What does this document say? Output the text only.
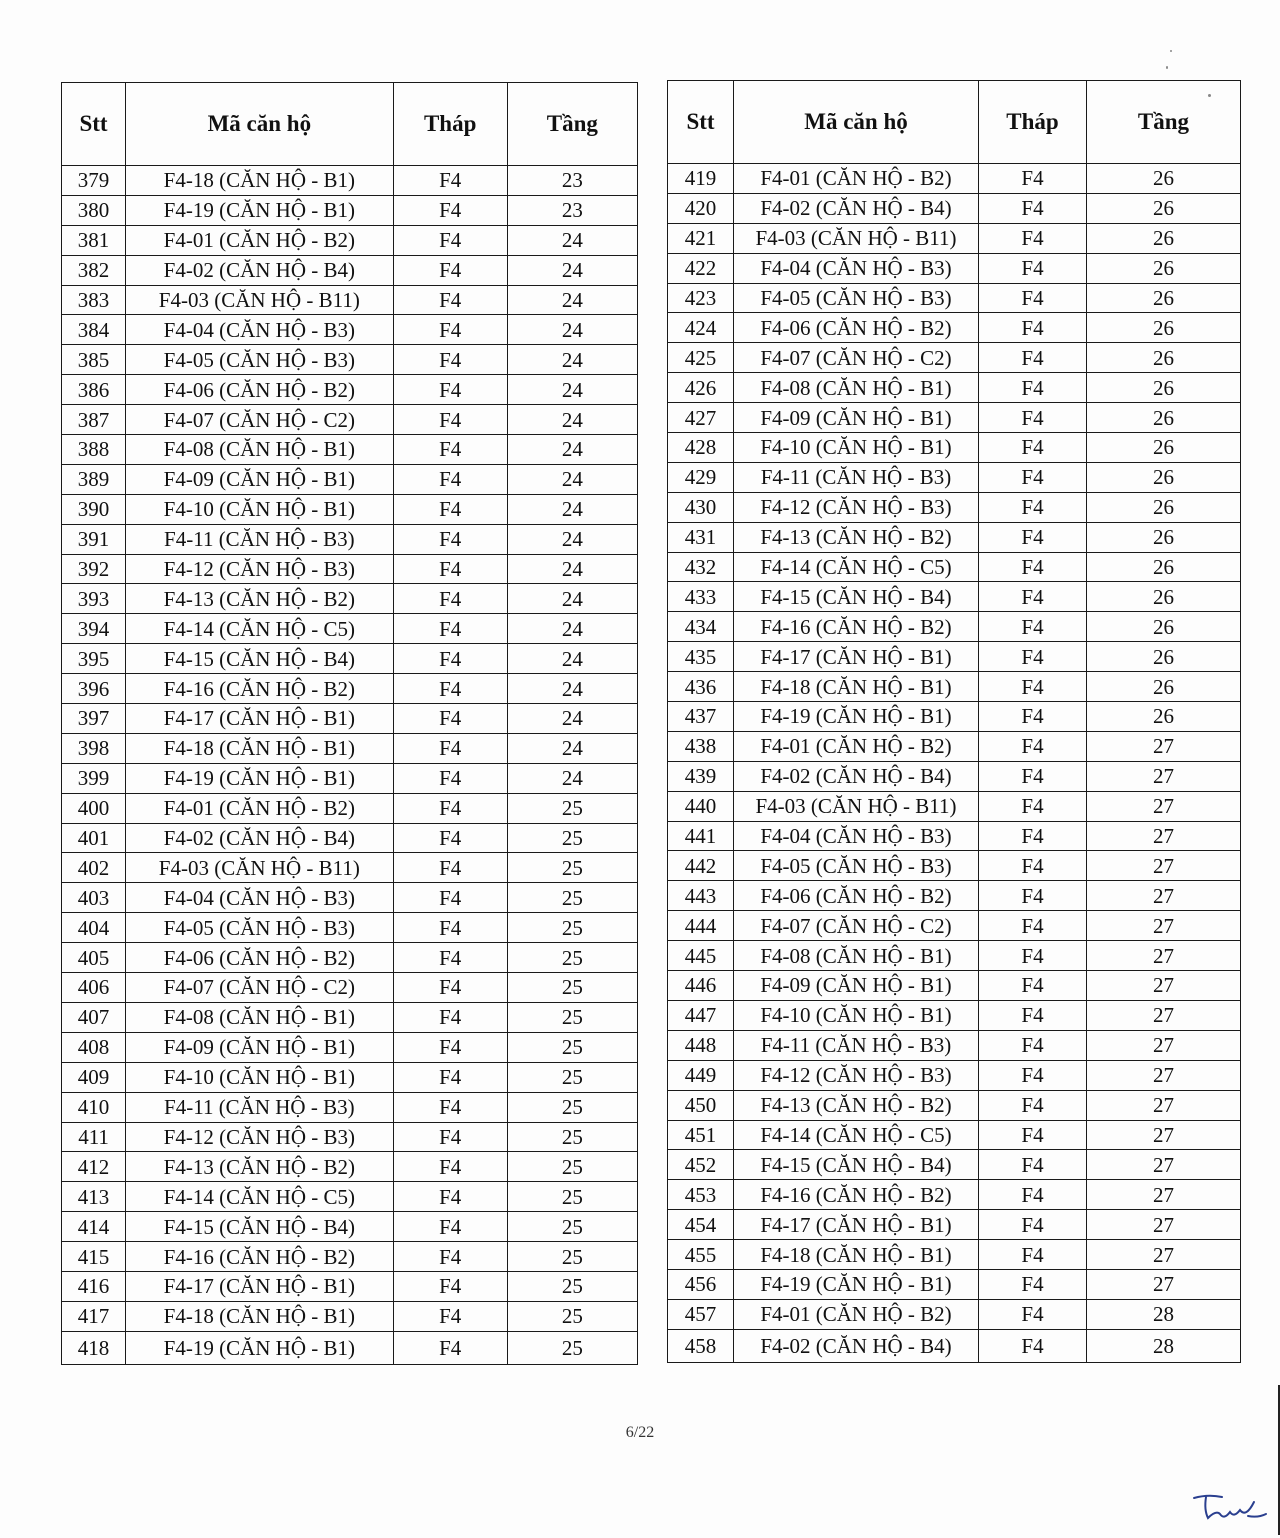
Stt	Mã căn hộ	Tháp	Tầng
379	F4-18 (CĂN HỘ - B1)	F4	23
380	F4-19 (CĂN HỘ - B1)	F4	23
381	F4-01 (CĂN HỘ - B2)	F4	24
382	F4-02 (CĂN HỘ - B4)	F4	24
383	F4-03 (CĂN HỘ - B11)	F4	24
384	F4-04 (CĂN HỘ - B3)	F4	24
385	F4-05 (CĂN HỘ - B3)	F4	24
386	F4-06 (CĂN HỘ - B2)	F4	24
387	F4-07 (CĂN HỘ - C2)	F4	24
388	F4-08 (CĂN HỘ - B1)	F4	24
389	F4-09 (CĂN HỘ - B1)	F4	24
390	F4-10 (CĂN HỘ - B1)	F4	24
391	F4-11 (CĂN HỘ - B3)	F4	24
392	F4-12 (CĂN HỘ - B3)	F4	24
393	F4-13 (CĂN HỘ - B2)	F4	24
394	F4-14 (CĂN HỘ - C5)	F4	24
395	F4-15 (CĂN HỘ - B4)	F4	24
396	F4-16 (CĂN HỘ - B2)	F4	24
397	F4-17 (CĂN HỘ - B1)	F4	24
398	F4-18 (CĂN HỘ - B1)	F4	24
399	F4-19 (CĂN HỘ - B1)	F4	24
400	F4-01 (CĂN HỘ - B2)	F4	25
401	F4-02 (CĂN HỘ - B4)	F4	25
402	F4-03 (CĂN HỘ - B11)	F4	25
403	F4-04 (CĂN HỘ - B3)	F4	25
404	F4-05 (CĂN HỘ - B3)	F4	25
405	F4-06 (CĂN HỘ - B2)	F4	25
406	F4-07 (CĂN HỘ - C2)	F4	25
407	F4-08 (CĂN HỘ - B1)	F4	25
408	F4-09 (CĂN HỘ - B1)	F4	25
409	F4-10 (CĂN HỘ - B1)	F4	25
410	F4-11 (CĂN HỘ - B3)	F4	25
411	F4-12 (CĂN HỘ - B3)	F4	25
412	F4-13 (CĂN HỘ - B2)	F4	25
413	F4-14 (CĂN HỘ - C5)	F4	25
414	F4-15 (CĂN HỘ - B4)	F4	25
415	F4-16 (CĂN HỘ - B2)	F4	25
416	F4-17 (CĂN HỘ - B1)	F4	25
417	F4-18 (CĂN HỘ - B1)	F4	25
418	F4-19 (CĂN HỘ - B1)	F4	25
Stt	Mã căn hộ	Tháp	Tầng
419	F4-01 (CĂN HỘ - B2)	F4	26
420	F4-02 (CĂN HỘ - B4)	F4	26
421	F4-03 (CĂN HỘ - B11)	F4	26
422	F4-04 (CĂN HỘ - B3)	F4	26
423	F4-05 (CĂN HỘ - B3)	F4	26
424	F4-06 (CĂN HỘ - B2)	F4	26
425	F4-07 (CĂN HỘ - C2)	F4	26
426	F4-08 (CĂN HỘ - B1)	F4	26
427	F4-09 (CĂN HỘ - B1)	F4	26
428	F4-10 (CĂN HỘ - B1)	F4	26
429	F4-11 (CĂN HỘ - B3)	F4	26
430	F4-12 (CĂN HỘ - B3)	F4	26
431	F4-13 (CĂN HỘ - B2)	F4	26
432	F4-14 (CĂN HỘ - C5)	F4	26
433	F4-15 (CĂN HỘ - B4)	F4	26
434	F4-16 (CĂN HỘ - B2)	F4	26
435	F4-17 (CĂN HỘ - B1)	F4	26
436	F4-18 (CĂN HỘ - B1)	F4	26
437	F4-19 (CĂN HỘ - B1)	F4	26
438	F4-01 (CĂN HỘ - B2)	F4	27
439	F4-02 (CĂN HỘ - B4)	F4	27
440	F4-03 (CĂN HỘ - B11)	F4	27
441	F4-04 (CĂN HỘ - B3)	F4	27
442	F4-05 (CĂN HỘ - B3)	F4	27
443	F4-06 (CĂN HỘ - B2)	F4	27
444	F4-07 (CĂN HỘ - C2)	F4	27
445	F4-08 (CĂN HỘ - B1)	F4	27
446	F4-09 (CĂN HỘ - B1)	F4	27
447	F4-10 (CĂN HỘ - B1)	F4	27
448	F4-11 (CĂN HỘ - B3)	F4	27
449	F4-12 (CĂN HỘ - B3)	F4	27
450	F4-13 (CĂN HỘ - B2)	F4	27
451	F4-14 (CĂN HỘ - C5)	F4	27
452	F4-15 (CĂN HỘ - B4)	F4	27
453	F4-16 (CĂN HỘ - B2)	F4	27
454	F4-17 (CĂN HỘ - B1)	F4	27
455	F4-18 (CĂN HỘ - B1)	F4	27
456	F4-19 (CĂN HỘ - B1)	F4	27
457	F4-01 (CĂN HỘ - B2)	F4	28
458	F4-02 (CĂN HỘ - B4)	F4	28
6/22
